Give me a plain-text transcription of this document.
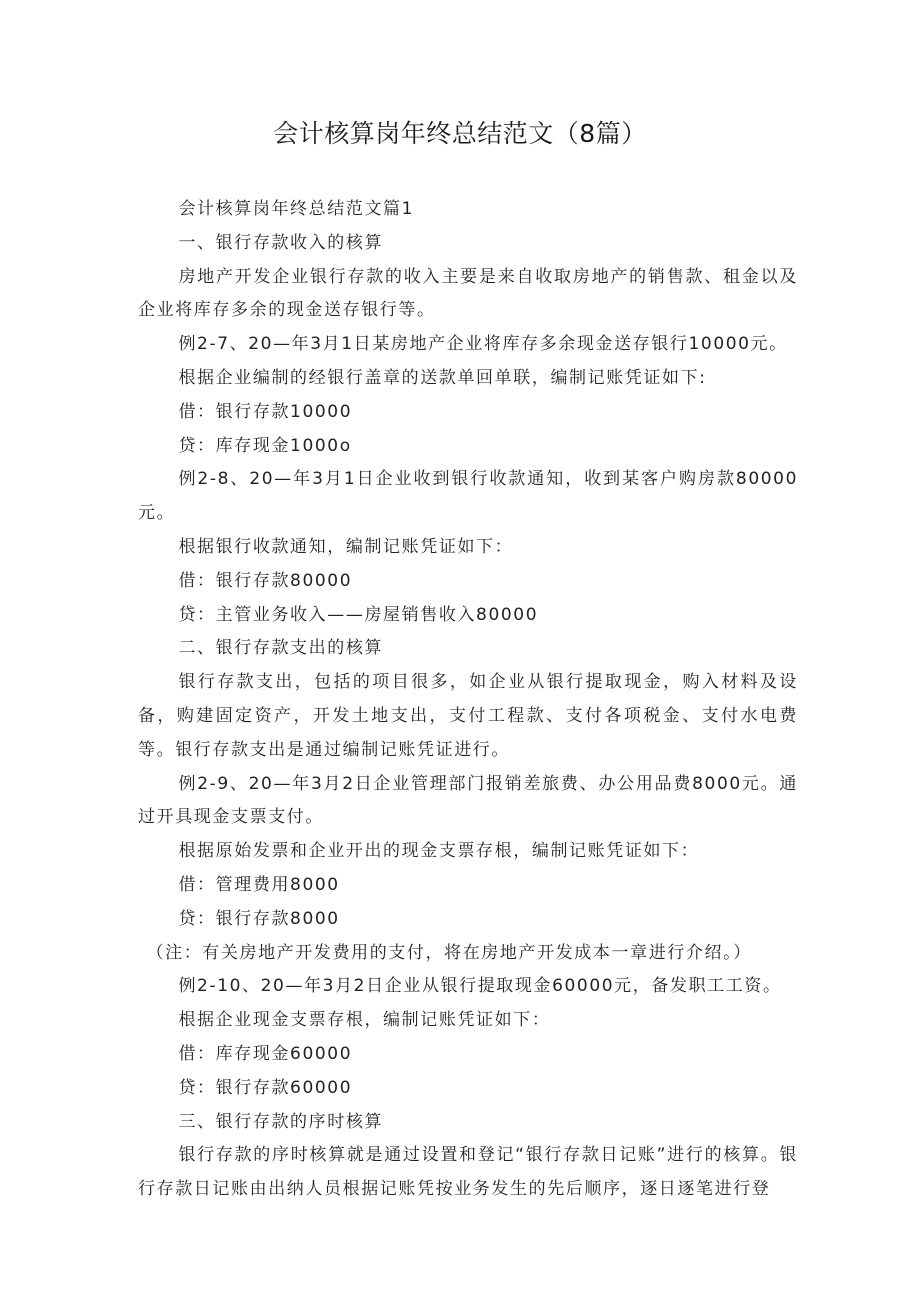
会计核算岗年终总结范文（8篇）

会计核算岗年终总结范文篇1

一、银行存款收入的核算

房地产开发企业银行存款的收入主要是来自收取房地产的销售款、租金以及企业将库存多余的现金送存银行等。

例2-7、20—年3月1日某房地产企业将库存多余现金送存银行10000元。

根据企业编制的经银行盖章的送款单回单联，编制记账凭证如下:

借：银行存款10000

贷：库存现金1000o

例2-8、20—年3月1日企业收到银行收款通知，收到某客户购房款80000元。

根据银行收款通知，编制记账凭证如下：

借：银行存款80000

贷：主管业务收入——房屋销售收入80000

二、银行存款支出的核算

银行存款支出，包括的项目很多，如企业从银行提取现金，购入材料及设备，购建固定资产，开发土地支出，支付工程款、支付各项税金、支付水电费等。银行存款支出是通过编制记账凭证进行。

例2-9、20—年3月2日企业管理部门报销差旅费、办公用品费8000元。通过开具现金支票支付。

根据原始发票和企业开出的现金支票存根，编制记账凭证如下：

借：管理费用8000

贷：银行存款8000

（注：有关房地产开发费用的支付，将在房地产开发成本一章进行介绍。）

例2-10、20—年3月2日企业从银行提取现金60000元，备发职工工资。

根据企业现金支票存根，编制记账凭证如下：

借：库存现金60000

贷：银行存款60000

三、银行存款的序时核算

银行存款的序时核算就是通过设置和登记“银行存款日记账”进行的核算。银行存款日记账由出纳人员根据记账凭按业务发生的先后顺序，逐日逐笔进行登
